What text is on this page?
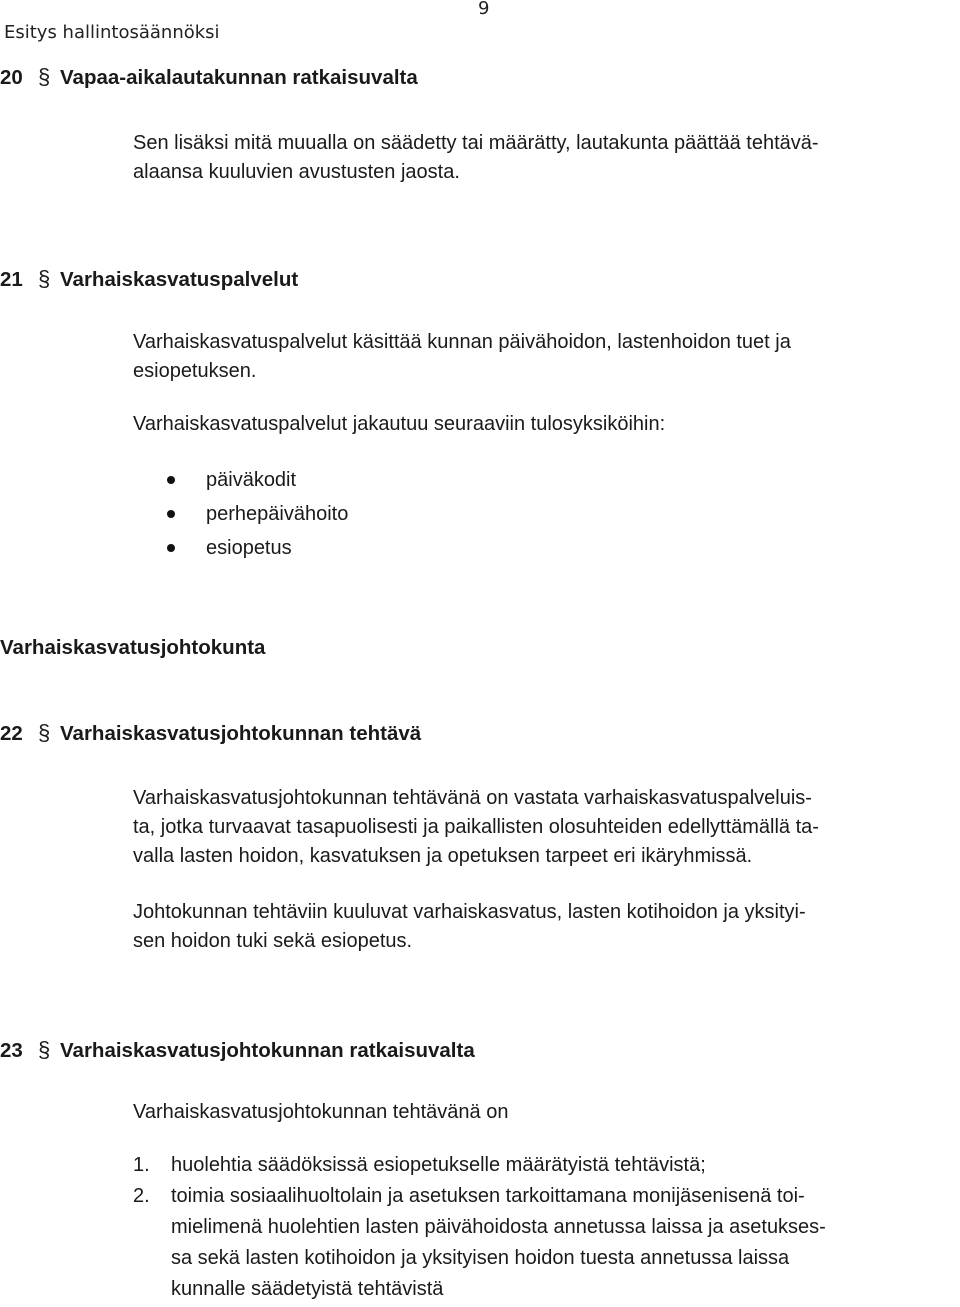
Esitys hallintosäännöksi
9
20 § Vapaa-aikalautakunnan ratkaisuvalta
Sen lisäksi mitä muualla on säädetty tai määrätty, lautakunta päättää tehtävä-
alaansa kuuluvien avustusten jaosta.
21 § Varhaiskasvatuspalvelut
Varhaiskasvatuspalvelut käsittää kunnan päivähoidon, lastenhoidon tuet ja
esiopetuksen.
Varhaiskasvatuspalvelut jakautuu seuraaviin tulosyksiköihin:
päiväkodit
perhepäivähoito
esiopetus
Varhaiskasvatusjohtokunta
22 § Varhaiskasvatusjohtokunnan tehtävä
Varhaiskasvatusjohtokunnan tehtävänä on vastata varhaiskasvatuspalveluis-
ta, jotka turvaavat tasapuolisesti ja paikallisten olosuhteiden edellyttämällä ta-
valla lasten hoidon, kasvatuksen ja opetuksen tarpeet eri ikäryhmissä.
Johtokunnan tehtäviin kuuluvat varhaiskasvatus, lasten kotihoidon ja yksityi-
sen hoidon tuki sekä esiopetus.
23 § Varhaiskasvatusjohtokunnan ratkaisuvalta
Varhaiskasvatusjohtokunnan tehtävänä on
1. huolehtia säädöksissä esiopetukselle määrätyistä tehtävistä;
2. toimia sosiaalihuoltolain ja asetuksen tarkoittamana monijäsenisenä toi-
mielimenä huolehtien lasten päivähoidosta annetussa laissa ja asetukses-
sa sekä lasten kotihoidon ja yksityisen hoidon tuesta annetussa laissa
kunnalle säädetyistä tehtävistä
